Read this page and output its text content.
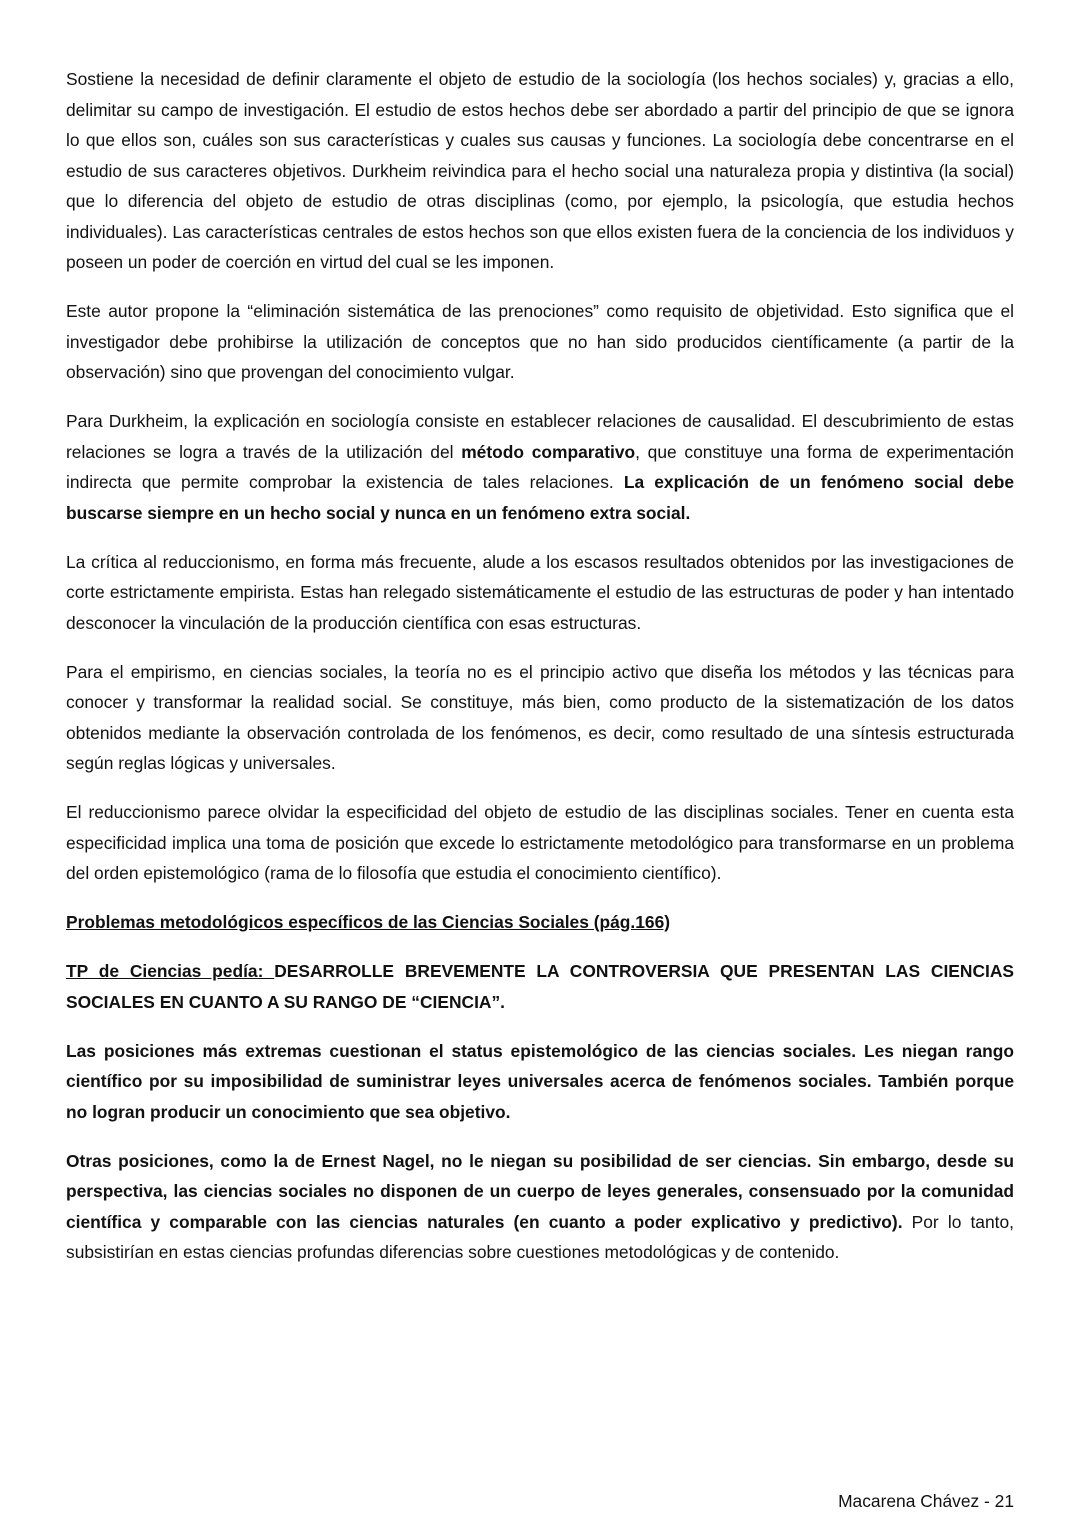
Sostiene la necesidad de definir claramente el objeto de estudio de la sociología (los hechos sociales) y, gracias a ello, delimitar su campo de investigación. El estudio de estos hechos debe ser abordado a partir del principio de que se ignora lo que ellos son, cuáles son sus características y cuales sus causas y funciones. La sociología debe concentrarse en el estudio de sus caracteres objetivos. Durkheim reivindica para el hecho social una naturaleza propia y distintiva (la social) que lo diferencia del objeto de estudio de otras disciplinas (como, por ejemplo, la psicología, que estudia hechos individuales). Las características centrales de estos hechos son que ellos existen fuera de la conciencia de los individuos y poseen un poder de coerción en virtud del cual se les imponen.

Este autor propone la “eliminación sistemática de las prenociones” como requisito de objetividad. Esto significa que el investigador debe prohibirse la utilización de conceptos que no han sido producidos científicamente (a partir de la observación) sino que provengan del conocimiento vulgar.

Para Durkheim, la explicación en sociología consiste en establecer relaciones de causalidad. El descubrimiento de estas relaciones se logra a través de la utilización del método comparativo, que constituye una forma de experimentación indirecta que permite comprobar la existencia de tales relaciones. La explicación de un fenómeno social debe buscarse siempre en un hecho social y nunca en un fenómeno extra social.

La crítica al reduccionismo, en forma más frecuente, alude a los escasos resultados obtenidos por las investigaciones de corte estrictamente empirista. Estas han relegado sistemáticamente el estudio de las estructuras de poder y han intentado desconocer la vinculación de la producción científica con esas estructuras.

Para el empirismo, en ciencias sociales, la teoría no es el principio activo que diseña los métodos y las técnicas para conocer y transformar la realidad social. Se constituye, más bien, como producto de la sistematización de los datos obtenidos mediante la observación controlada de los fenómenos, es decir, como resultado de una síntesis estructurada según reglas lógicas y universales.

El reduccionismo parece olvidar la especificidad del objeto de estudio de las disciplinas sociales. Tener en cuenta esta especificidad implica una toma de posición que excede lo estrictamente metodológico para transformarse en un problema del orden epistemológico (rama de lo filosofía que estudia el conocimiento científico).

Problemas metodológicos específicos de las Ciencias Sociales (pág.166)

TP de Ciencias pedía: DESARROLLE BREVEMENTE LA CONTROVERSIA QUE PRESENTAN LAS CIENCIAS SOCIALES EN CUANTO A SU RANGO DE “CIENCIA”.

Las posiciones más extremas cuestionan el status epistemológico de las ciencias sociales. Les niegan rango científico por su imposibilidad de suministrar leyes universales acerca de fenómenos sociales. También porque no logran producir un conocimiento que sea objetivo.

Otras posiciones, como la de Ernest Nagel, no le niegan su posibilidad de ser ciencias. Sin embargo, desde su perspectiva, las ciencias sociales no disponen de un cuerpo de leyes generales, consensuado por la comunidad científica y comparable con las ciencias naturales (en cuanto a poder explicativo y predictivo). Por lo tanto, subsistirían en estas ciencias profundas diferencias sobre cuestiones metodológicas y de contenido.

Macarena Chávez - 21
